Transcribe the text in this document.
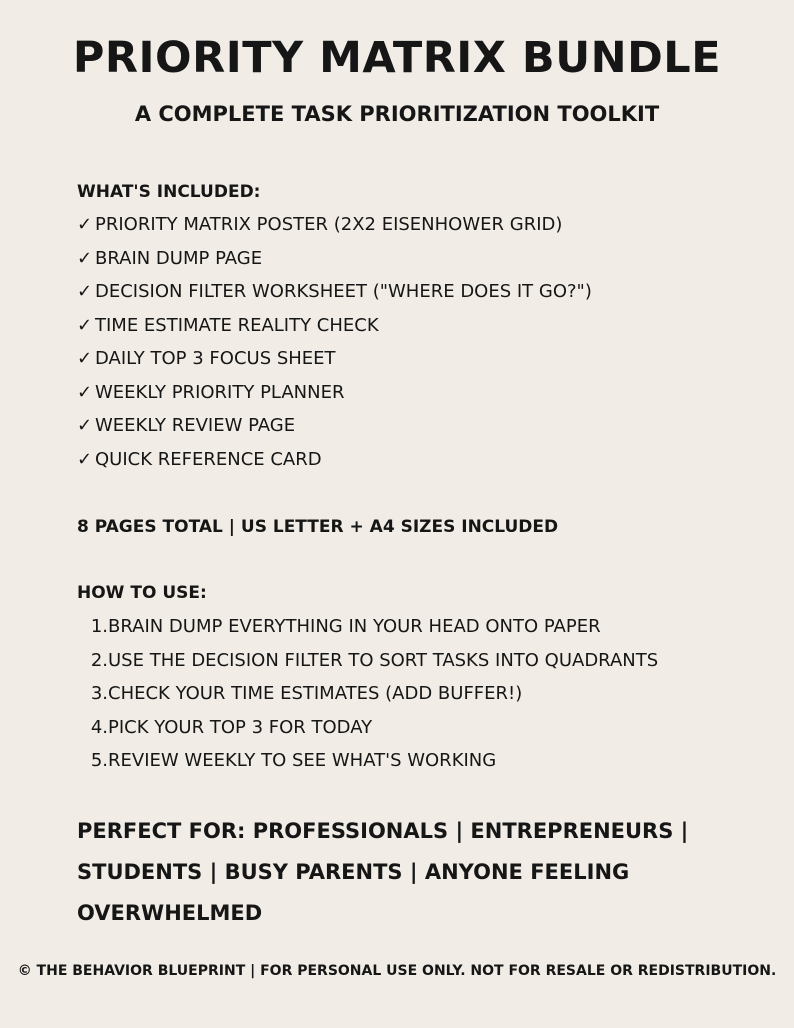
PRIORITY MATRIX BUNDLE
A COMPLETE TASK PRIORITIZATION TOOLKIT
WHAT'S INCLUDED:
✓ PRIORITY MATRIX POSTER (2X2 EISENHOWER GRID)
✓ BRAIN DUMP PAGE
✓ DECISION FILTER WORKSHEET ("WHERE DOES IT GO?")
✓ TIME ESTIMATE REALITY CHECK
✓ DAILY TOP 3 FOCUS SHEET
✓ WEEKLY PRIORITY PLANNER
✓ WEEKLY REVIEW PAGE
✓ QUICK REFERENCE CARD
8 PAGES TOTAL | US LETTER + A4 SIZES INCLUDED
HOW TO USE:
1.BRAIN DUMP EVERYTHING IN YOUR HEAD ONTO PAPER
2.USE THE DECISION FILTER TO SORT TASKS INTO QUADRANTS
3.CHECK YOUR TIME ESTIMATES (ADD BUFFER!)
4.PICK YOUR TOP 3 FOR TODAY
5.REVIEW WEEKLY TO SEE WHAT'S WORKING

PERFECT FOR: PROFESSIONALS | ENTREPRENEURS | STUDENTS | BUSY PARENTS | ANYONE FEELING OVERWHELMED

© THE BEHAVIOR BLUEPRINT | FOR PERSONAL USE ONLY. NOT FOR RESALE OR REDISTRIBUTION.
